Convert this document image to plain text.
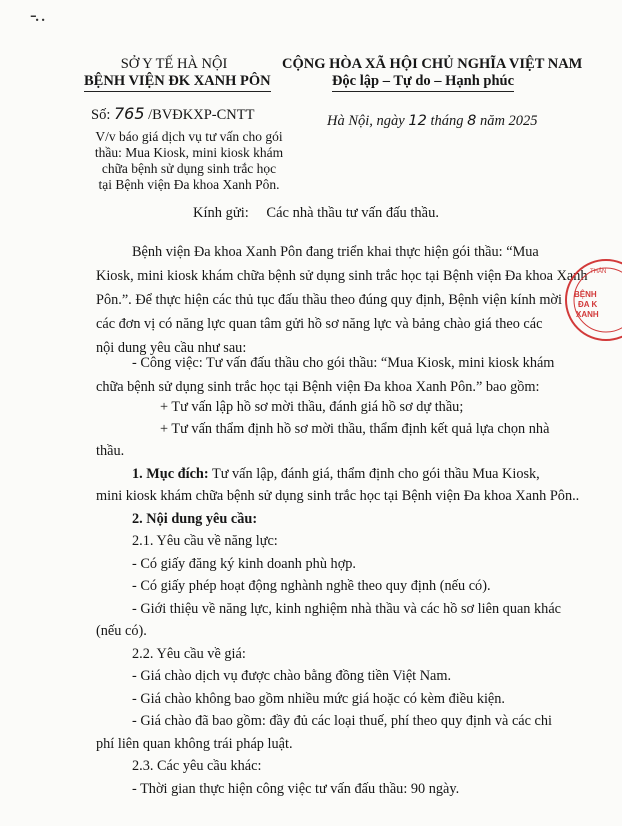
-. .
SỞ Y TẾ HÀ NỘI
BỆNH VIỆN ĐK XANH PÔN
CỘNG HÒA XÃ HỘI CHỦ NGHĨA VIỆT NAM
Độc lập – Tự do – Hạnh phúc
Số: 765 /BVĐKXP-CNTT	Hà Nội, ngày 12 tháng 8 năm 2025
V/v báo giá dịch vụ tư vấn cho gói thầu: Mua Kiosk, mini kiosk khám chữa bệnh sử dụng sinh trắc học tại Bệnh viện Đa khoa Xanh Pôn.
Kính gửi: Các nhà thầu tư vấn đấu thầu.
Bệnh viện Đa khoa Xanh Pôn đang triển khai thực hiện gói thầu: “Mua
Kiosk, mini kiosk khám chữa bệnh sử dụng sinh trắc học tại Bệnh viện Đa khoa Xanh
Pôn.”. Để thực hiện các thủ tục đấu thầu theo đúng quy định, Bệnh viện kính mời
các đơn vị có năng lực quan tâm gửi hồ sơ năng lực và bảng chào giá theo các
nội dung yêu cầu như sau:
- Công việc: Tư vấn đấu thầu cho gói thầu: “Mua Kiosk, mini kiosk khám
chữa bệnh sử dụng sinh trắc học tại Bệnh viện Đa khoa Xanh Pôn.” bao gồm:
+ Tư vấn lập hồ sơ mời thầu, đánh giá hồ sơ dự thầu;
+ Tư vấn thẩm định hồ sơ mời thầu, thẩm định kết quả lựa chọn nhà
thầu.
1. Mục đích: Tư vấn lập, đánh giá, thẩm định cho gói thầu Mua Kiosk,
mini kiosk khám chữa bệnh sử dụng sinh trắc học tại Bệnh viện Đa khoa Xanh Pôn..
2. Nội dung yêu cầu:
2.1. Yêu cầu về năng lực:
- Có giấy đăng ký kinh doanh phù hợp.
- Có giấy phép hoạt động nghành nghề theo quy định (nếu có).
- Giới thiệu về năng lực, kinh nghiệm nhà thầu và các hồ sơ liên quan khác
(nếu có).
2.2. Yêu cầu về giá:
- Giá chào dịch vụ được chào bằng đồng tiền Việt Nam.
- Giá chào không bao gồm nhiều mức giá hoặc có kèm điều kiện.
- Giá chào đã bao gồm: đầy đủ các loại thuế, phí theo quy định và các chi
phí liên quan không trái pháp luật.
2.3. Các yêu cầu khác:
- Thời gian thực hiện công việc tư vấn đấu thầu: 90 ngày.
BỆNH
ĐA K
XANH
THẢN
